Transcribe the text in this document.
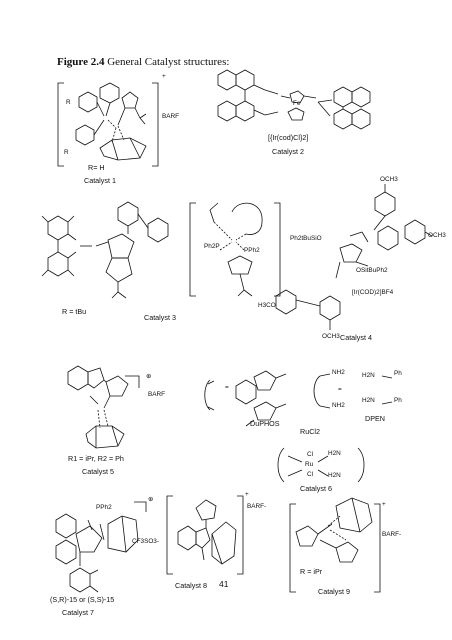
Figure 2.4 General Catalyst structures:
R
R
+
BARF
R= H
Catalyst 1
Fe
[{Ir(cod)Cl}2]
Catalyst 2
Ph2P
PPh2
R = tBu
Catalyst 3
OCH3
OCH3
Ph2tBuSiO
OSitBuPh2
H3CO
[Ir(COD)2]BF4
OCH3 Catalyst 4
⊕
BARF
R1 = iPr, R2 = Ph
Catalyst 5
=	=
NH2
NH2
H2N
H2N
Ph
Ph
DuPHOS
DPEN
RuCl2
Ru
Cl
Cl
H2N
H2N
Catalyst 6
PPh2
⊕
CF3SO3-
(S,R)-15 or (S,S)-15
Catalyst 7
+
BARF-
Catalyst 8 41
+
BARF-
R = iPr
Catalyst 9
